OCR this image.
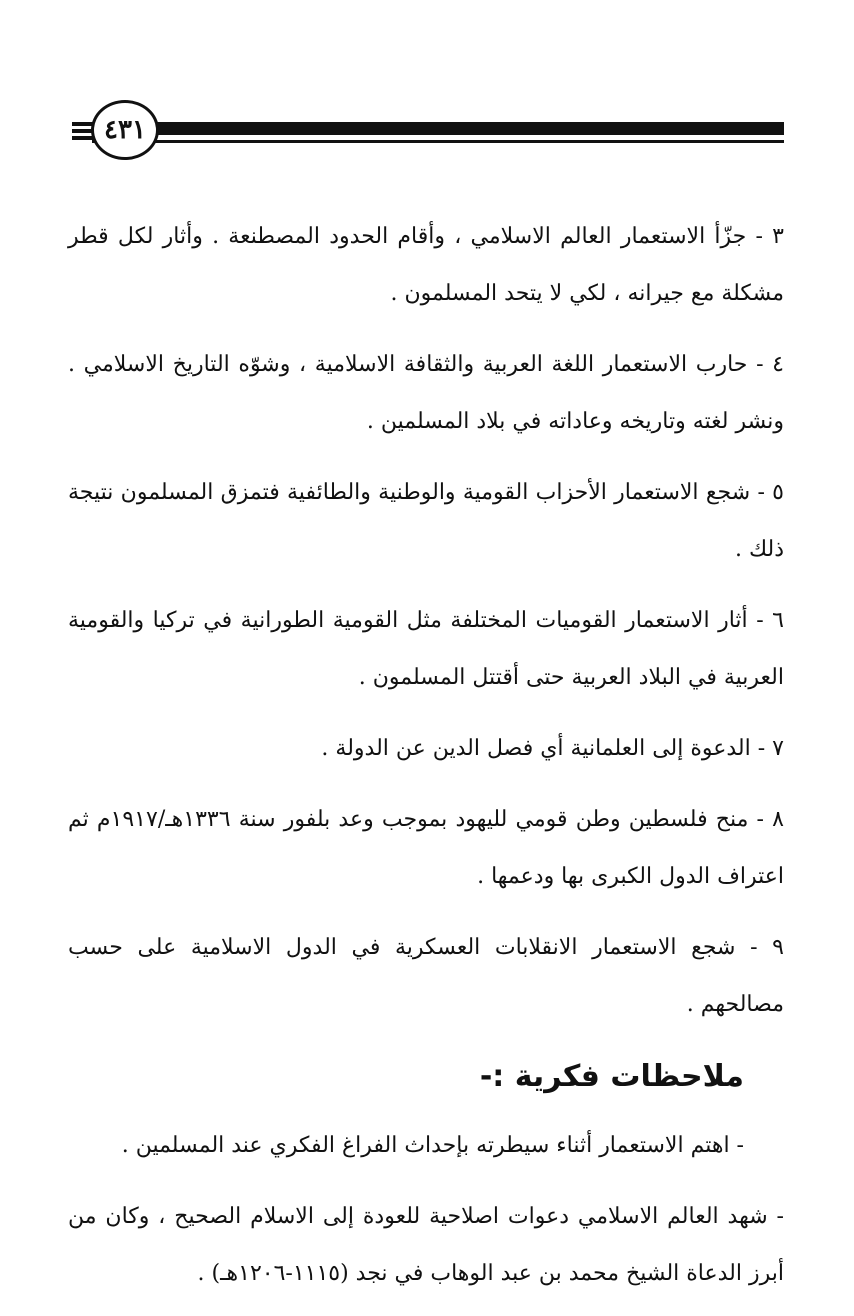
٤٣١

٣ - جزّأ الاستعمار العالم الاسلامي ، وأقام الحدود المصطنعة . وأثار لكل قطر مشكلة مع جيرانه ، لكي لا يتحد المسلمون .

٤ - حارب الاستعمار اللغة العربية والثقافة الاسلامية ، وشوّه التاريخ الاسلامي . ونشر لغته وتاريخه وعاداته في بلاد المسلمين .

٥ - شجع الاستعمار الأحزاب القومية والوطنية والطائفية فتمزق المسلمون نتيجة ذلك .

٦ - أثار الاستعمار القوميات المختلفة مثل القومية الطورانية في تركيا والقومية العربية في البلاد العربية حتى أقتتل المسلمون .

٧ - الدعوة إلى العلمانية أي فصل الدين عن الدولة .

٨ - منح فلسطين وطن قومي لليهود بموجب وعد بلفور سنة ١٣٣٦هـ/١٩١٧م ثم اعتراف الدول الكبرى بها ودعمها .

٩ - شجع الاستعمار الانقلابات العسكرية في الدول الاسلامية على حسب مصالحهم .

ملاحظات فكرية :-

- اهتم الاستعمار أثناء سيطرته بإحداث الفراغ الفكري عند المسلمين .

- شهد العالم الاسلامي دعوات اصلاحية للعودة إلى الاسلام الصحيح ، وكان من أبرز الدعاة الشيخ محمد بن عبد الوهاب في نجد (١١١٥-١٢٠٦هـ) .
